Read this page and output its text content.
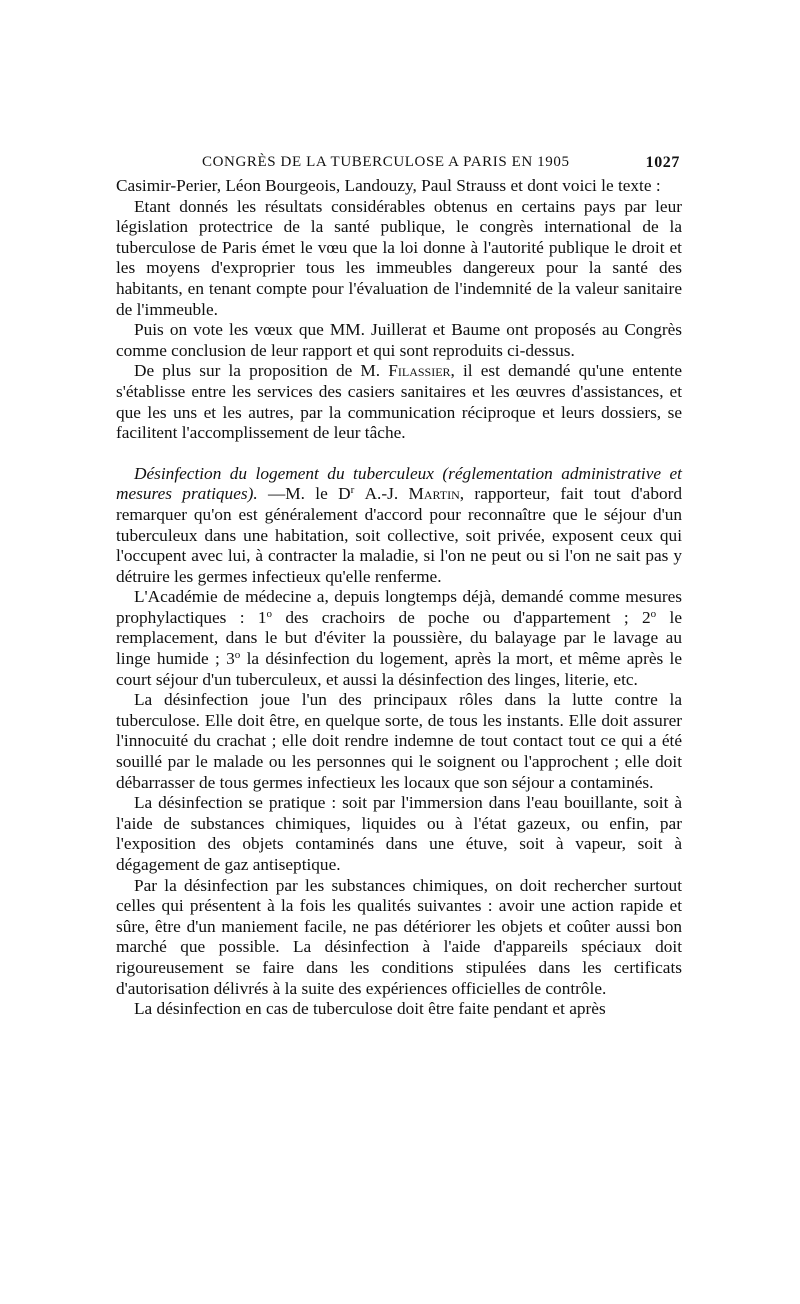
CONGRÈS DE LA TUBERCULOSE A PARIS EN 1905	1027

Casimir-Perier, Léon Bourgeois, Landouzy, Paul Strauss et dont voici le texte :

Etant donnés les résultats considérables obtenus en certains pays par leur législation protectrice de la santé publique, le congrès international de la tuberculose de Paris émet le vœu que la loi donne à l'autorité publique le droit et les moyens d'exproprier tous les immeubles dangereux pour la santé des habitants, en tenant compte pour l'évaluation de l'indemnité de la valeur sanitaire de l'immeuble.

Puis on vote les vœux que MM. Juillerat et Baume ont proposés au Congrès comme conclusion de leur rapport et qui sont reproduits ci-dessus.

De plus sur la proposition de M. Filassier, il est demandé qu'une entente s'établisse entre les services des casiers sanitaires et les œuvres d'assistances, et que les uns et les autres, par la communication réciproque et leurs dossiers, se facilitent l'accomplissement de leur tâche.

Désinfection du logement du tuberculeux (réglementation administrative et mesures pratiques). —M. le $D^r$ A.-J. Martin, rapporteur, fait tout d'abord remarquer qu'on est généralement d'accord pour reconnaître que le séjour d'un tuberculeux dans une habitation, soit collective, soit privée, exposent ceux qui l'occupent avec lui, à contracter la maladie, si l'on ne peut ou si l'on ne sait pas y détruire les germes infectieux qu'elle renferme.

L'Académie de médecine a, depuis longtemps déjà, demandé comme mesures prophylactiques : 1$^o$ des crachoirs de poche ou d'appartement ; 2$^o$ le remplacement, dans le but d'éviter la poussière, du balayage par le lavage au linge humide ; 3$^o$ la désinfection du logement, après la mort, et même après le court séjour d'un tuberculeux, et aussi la désinfection des linges, literie, etc.

La désinfection joue l'un des principaux rôles dans la lutte contre la tuberculose. Elle doit être, en quelque sorte, de tous les instants. Elle doit assurer l'innocuité du crachat ; elle doit rendre indemne de tout contact tout ce qui a été souillé par le malade ou les personnes qui le soignent ou l'approchent ; elle doit débarrasser de tous germes infectieux les locaux que son séjour a contaminés.

La désinfection se pratique : soit par l'immersion dans l'eau bouillante, soit à l'aide de substances chimiques, liquides ou à l'état gazeux, ou enfin, par l'exposition des objets contaminés dans une étuve, soit à vapeur, soit à dégagement de gaz antiseptique.

Par la désinfection par les substances chimiques, on doit rechercher surtout celles qui présentent à la fois les qualités suivantes : avoir une action rapide et sûre, être d'un maniement facile, ne pas détériorer les objets et coûter aussi bon marché que possible. La désinfection à l'aide d'appareils spéciaux doit rigoureusement se faire dans les conditions stipulées dans les certificats d'autorisation délivrés à la suite des expériences officielles de contrôle.

La désinfection en cas de tuberculose doit être faite pendant et après
